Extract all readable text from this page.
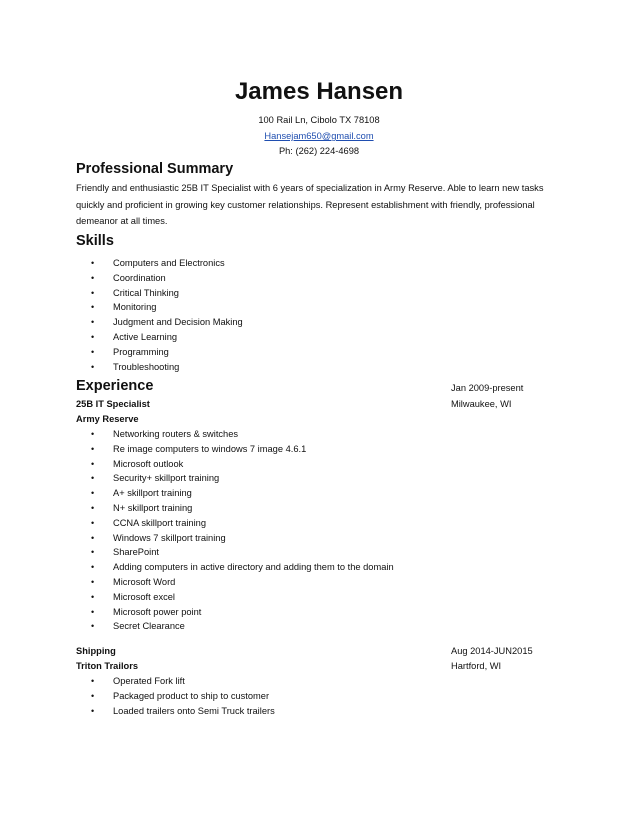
James Hansen
100 Rail Ln, Cibolo TX 78108
Hansejam650@gmail.com
Ph: (262) 224-4698
Professional Summary

Friendly and enthusiastic 25B IT Specialist with 6 years of specialization in Army Reserve. Able to learn new tasks

quickly and proficient in growing key customer relationships. Represent establishment with friendly, professional

demeanor at all times.

Skills
• Computers and Electronics
• Coordination
• Critical Thinking
• Monitoring
• Judgment and Decision Making
• Active Learning
• Programming
• Troubleshooting
Experience	Jan 2009-present
25B IT Specialist	Milwaukee, WI
Army Reserve
• Networking routers & switches
• Re image computers to windows 7 image 4.6.1
• Microsoft outlook
• Security+ skillport training
• A+ skillport training
• N+ skillport training
• CCNA skillport training
• Windows 7 skillport training
• SharePoint
• Adding computers in active directory and adding them to the domain
• Microsoft Word
• Microsoft excel
• Microsoft power point
• Secret Clearance
Shipping	Aug 2014-JUN2015
Triton Trailors	Hartford, WI
• Operated Fork lift
• Packaged product to ship to customer
• Loaded trailers onto Semi Truck trailers
